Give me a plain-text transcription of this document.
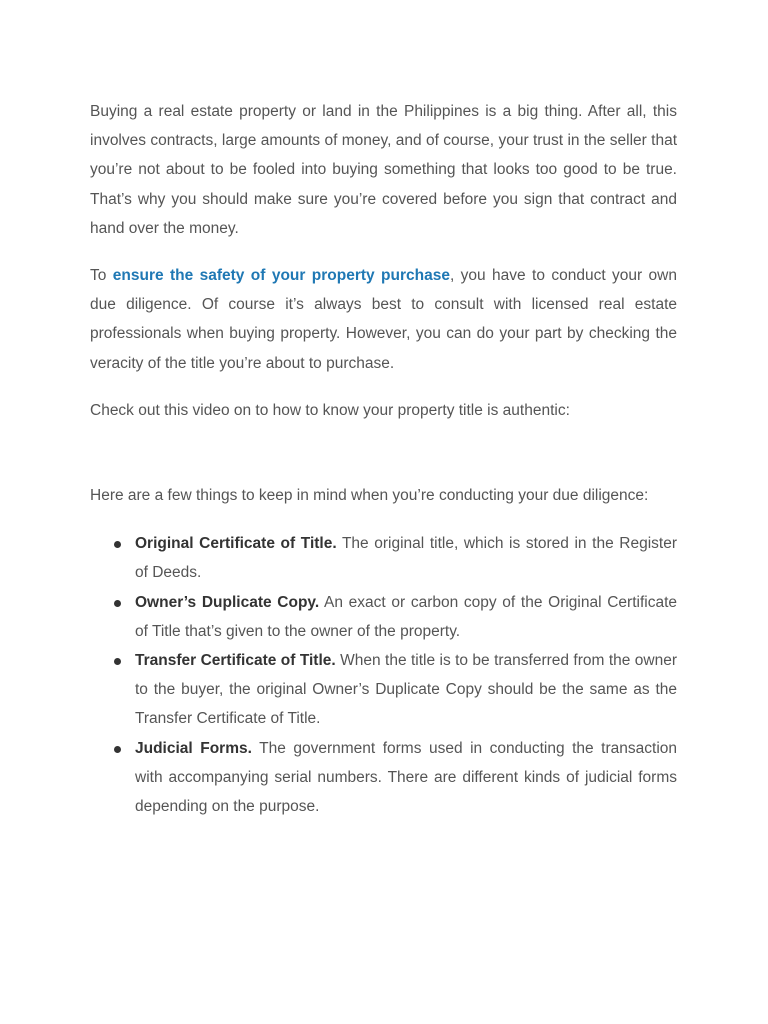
Buying a real estate property or land in the Philippines is a big thing. After all, this involves contracts, large amounts of money, and of course, your trust in the seller that you’re not about to be fooled into buying something that looks too good to be true. That’s why you should make sure you’re covered before you sign that contract and hand over the money.

To ensure the safety of your property purchase, you have to conduct your own due diligence. Of course it’s always best to consult with licensed real estate professionals when buying property. However, you can do your part by checking the veracity of the title you’re about to purchase.

Check out this video on to how to know your property title is authentic:

Here are a few things to keep in mind when you’re conducting your due diligence:

Original Certificate of Title. The original title, which is stored in the Register of Deeds.
Owner’s Duplicate Copy. An exact or carbon copy of the Original Certificate of Title that’s given to the owner of the property.
Transfer Certificate of Title. When the title is to be transferred from the owner to the buyer, the original Owner’s Duplicate Copy should be the same as the Transfer Certificate of Title.
Judicial Forms. The government forms used in conducting the transaction with accompanying serial numbers. There are different kinds of judicial forms depending on the purpose.
